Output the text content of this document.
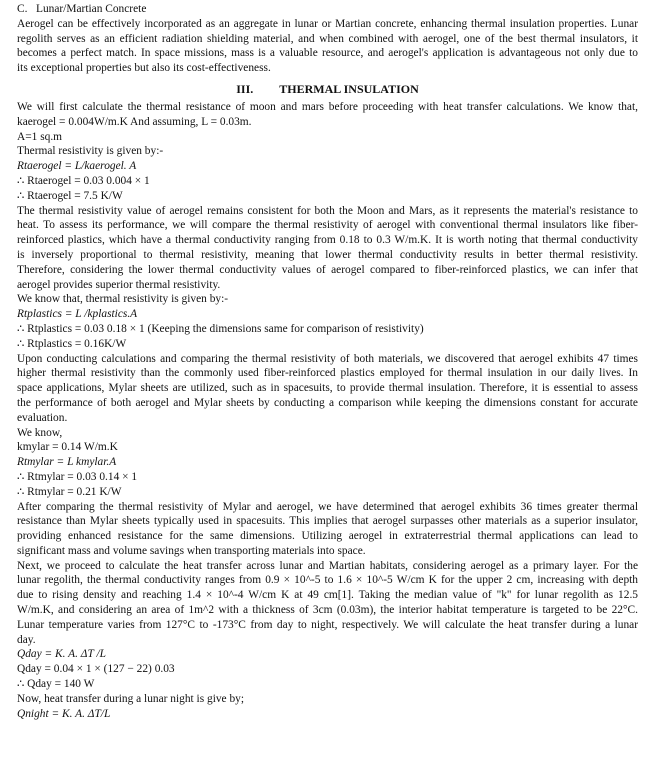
C.   Lunar/Martian Concrete
Aerogel can be effectively incorporated as an aggregate in lunar or Martian concrete, enhancing thermal insulation properties. Lunar
regolith serves as an efficient radiation shielding material, and when combined with aerogel, one of the best thermal insulators, it
becomes a perfect match. In space missions, mass is a valuable resource, and aerogel's application is advantageous not only due to
its exceptional properties but also its cost-effectiveness.
III. THERMAL INSULATION
We will first calculate the thermal resistance of moon and mars before proceeding with heat transfer calculations. We know that,
kaerogel = 0.004W/m.K And assuming, L = 0.03m.
A=1 sq.m
Thermal resistivity is given by:-
Rtaerogel = L/kaerogel. A
∴ Rtaerogel = 0.03 0.004 × 1
∴ Rtaerogel = 7.5 K/W
The thermal resistivity value of aerogel remains consistent for both the Moon and Mars, as it represents the material's resistance to
heat. To assess its performance, we will compare the thermal resistivity of aerogel with conventional thermal insulators like fiber-
reinforced plastics, which have a thermal conductivity ranging from 0.18 to 0.3 W/m.K. It is worth noting that thermal conductivity
is inversely proportional to thermal resistivity, meaning that lower thermal conductivity results in better thermal resistivity.
Therefore, considering the lower thermal conductivity values of aerogel compared to fiber-reinforced plastics, we can infer that
aerogel provides superior thermal resistivity.
We know that, thermal resistivity is given by:-
Rtplastics = L /kplastics.A
∴ Rtplastics = 0.03 0.18 × 1 (Keeping the dimensions same for comparison of resistivity)
∴ Rtplastics = 0.16K/W
Upon conducting calculations and comparing the thermal resistivity of both materials, we discovered that aerogel exhibits 47 times
higher thermal resistivity than the commonly used fiber-reinforced plastics employed for thermal insulation in our daily lives. In
space applications, Mylar sheets are utilized, such as in spacesuits, to provide thermal insulation. Therefore, it is essential to assess
the performance of both aerogel and Mylar sheets by conducting a comparison while keeping the dimensions constant for accurate
evaluation.
We know,
kmylar = 0.14 W/m.K
Rtmylar = L kmylar.A
∴ Rtmylar = 0.03 0.14 × 1
∴ Rtmylar = 0.21 K/W
After comparing the thermal resistivity of Mylar and aerogel, we have determined that aerogel exhibits 36 times greater thermal
resistance than Mylar sheets typically used in spacesuits. This implies that aerogel surpasses other materials as a superior insulator,
providing enhanced resistance for the same dimensions. Utilizing aerogel in extraterrestrial thermal applications can lead to
significant mass and volume savings when transporting materials into space.
Next, we proceed to calculate the heat transfer across lunar and Martian habitats, considering aerogel as a primary layer. For the
lunar regolith, the thermal conductivity ranges from 0.9 × 10^-5 to 1.6 × 10^-5 W/cm K for the upper 2 cm, increasing with depth
due to rising density and reaching 1.4 × 10^-4 W/cm K at 49 cm[1]. Taking the median value of "k" for lunar regolith as 12.5
W/m.K, and considering an area of 1m^2 with a thickness of 3cm (0.03m), the interior habitat temperature is targeted to be 22°C.
Lunar temperature varies from 127°C to -173°C from day to night, respectively. We will calculate the heat transfer during a lunar
day.
Qday = K. A. ΔT /L
Qday = 0.04 × 1 × (127 − 22) 0.03
∴ Qday = 140 W
Now, heat transfer during a lunar night is give by;
Qnight = K. A. ΔT/L
